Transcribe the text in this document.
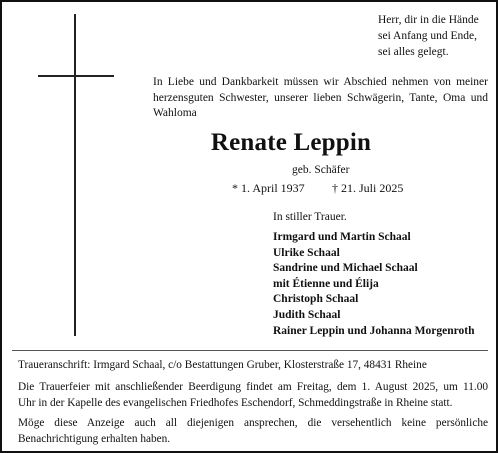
Herr, dir in die Hände
sei Anfang und Ende,
sei alles gelegt.
In Liebe und Dankbarkeit müssen wir Abschied nehmen von meiner
herzensguten Schwester, unserer lieben Schwägerin, Tante, Oma und
Wahloma
Renate Leppin
geb. Schäfer
* 1. April 1937 † 21. Juli 2025
In stiller Trauer.
Irmgard und Martin Schaal
Ulrike Schaal
Sandrine und Michael Schaal
mit Étienne und Élija
Christoph Schaal
Judith Schaal
Rainer Leppin und Johanna Morgenroth
Traueranschrift: Irmgard Schaal, c/o Bestattungen Gruber, Klosterstraße 17, 48431 Rheine
Die Trauerfeier mit anschließender Beerdigung findet am Freitag, dem 1. August 2025, um 11.00
Uhr in der Kapelle des evangelischen Friedhofes Eschendorf, Schmeddingstraße in Rheine statt.
Möge diese Anzeige auch all diejenigen ansprechen, die versehentlich keine persönliche
Benachrichtigung erhalten haben.
